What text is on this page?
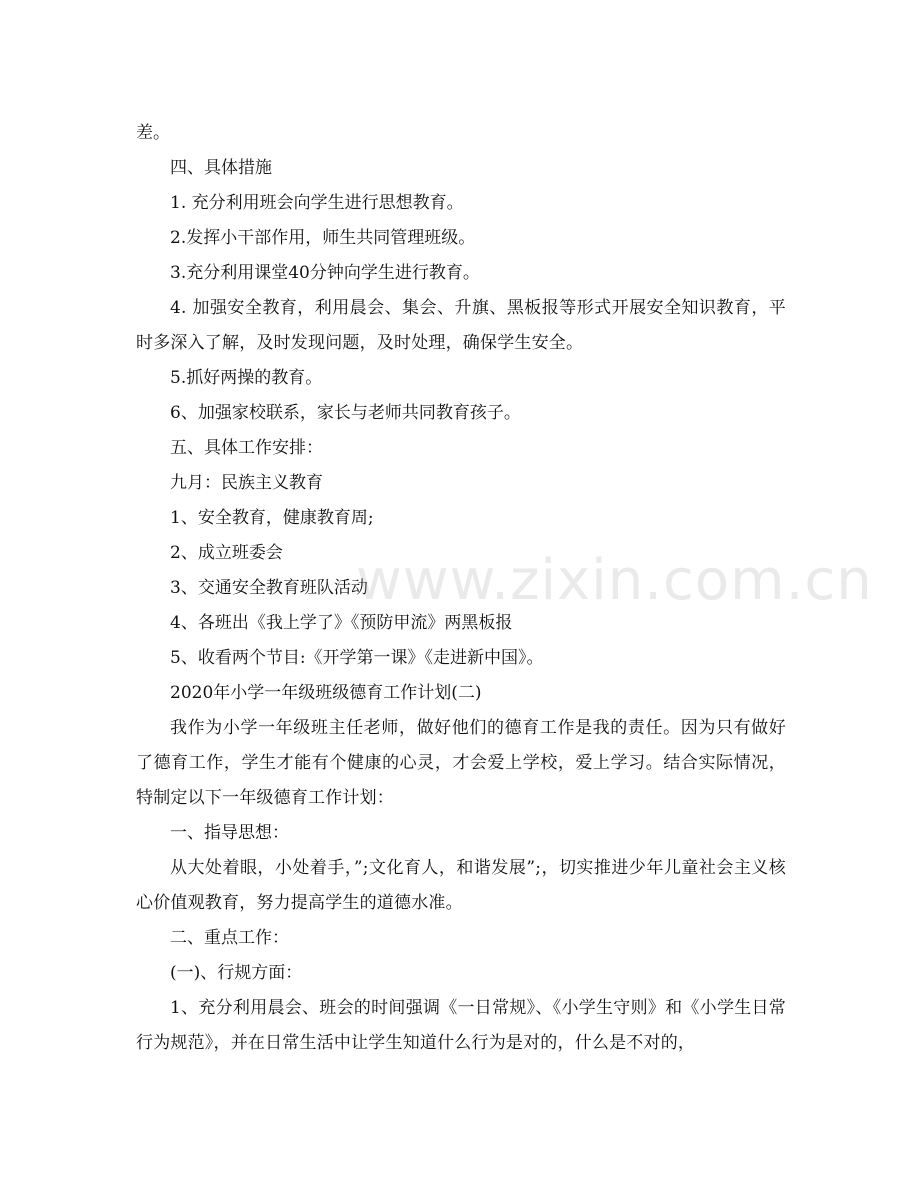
差。

四、具体措施

1. 充分利用班会向学生进行思想教育。

2.发挥小干部作用，师生共同管理班级。

3.充分利用课堂40分钟向学生进行教育。

4. 加强安全教育，利用晨会、集会、升旗、黑板报等形式开展安全知识教育，平时多深入了解，及时发现问题，及时处理，确保学生安全。

5.抓好两操的教育。

6、加强家校联系，家长与老师共同教育孩子。

五、具体工作安排：

九月：民族主义教育

1、安全教育，健康教育周;

2、成立班委会

3、交通安全教育班队活动

4、各班出《我上学了》《预防甲流》两黑板报

5、收看两个节目:《开学第一课》《走进新中国》。

2020年小学一年级班级德育工作计划(二)

我作为小学一年级班主任老师，做好他们的德育工作是我的责任。因为只有做好了德育工作，学生才能有个健康的心灵，才会爱上学校，爱上学习。结合实际情况，特制定以下一年级德育工作计划：

一、指导思想：

从大处着眼，小处着手，”;文化育人，和谐发展”;，切实推进少年儿童社会主义核心价值观教育，努力提高学生的道德水准。

二、重点工作：

(一)、行规方面：

1、充分利用晨会、班会的时间强调《一日常规》、《小学生守则》和《小学生日常行为规范》，并在日常生活中让学生知道什么行为是对的，什么是不对的，

www.zixin.com.cn
